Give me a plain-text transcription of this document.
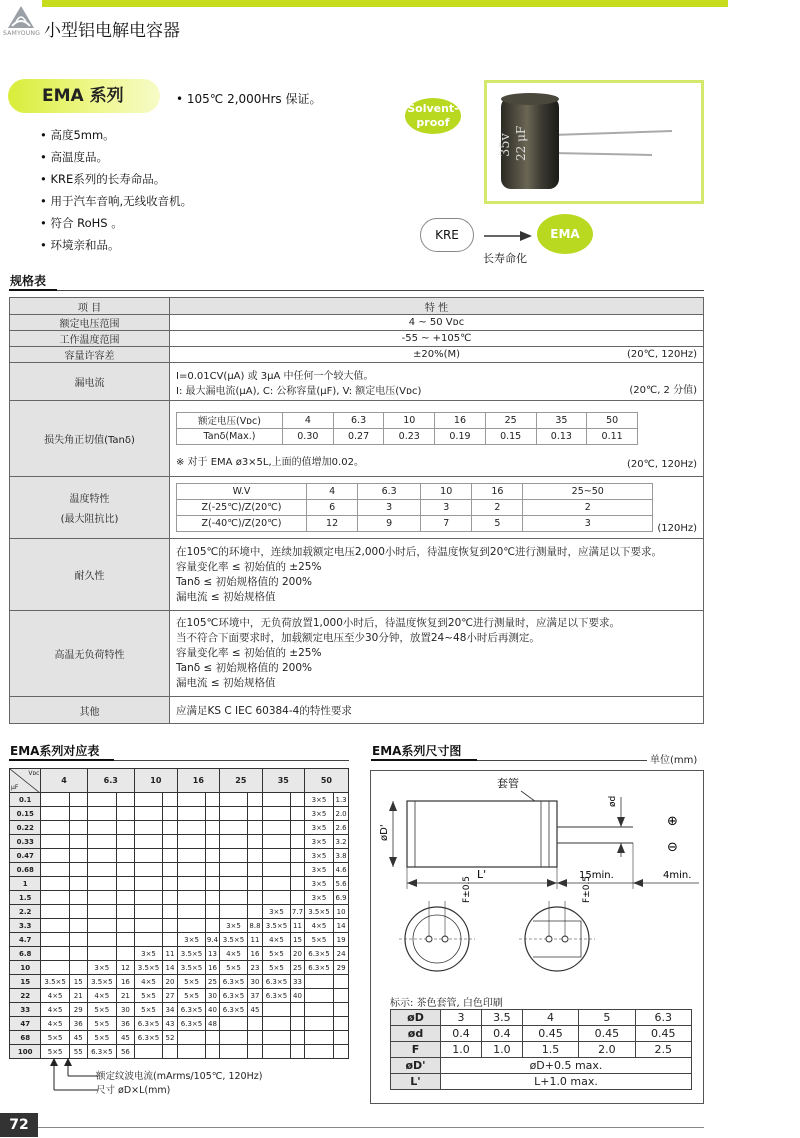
SAMYOUNG 小型铝电解电容器
EMA 系列	• 105℃ 2,000Hrs 保证。
• 高度5mm。
• 高温度品。
• KRE系列的长寿命品。
• 用于汽车音响,无线收音机。
• 符合 RoHS 。
• 环境亲和品。
Solvent-
proof
35v 22 μF
KRE	EMA
长寿命化
规格表
项 目	特 性
额定电压范围	4 ~ 50 Vᴅᴄ
工作温度范围	-55 ~ +105℃
容量许容差	±20%(M)	(20℃, 120Hz)

漏电流	
I=0.01CV(μA) 或 3μA 中任何一个较大值。
I: 最大漏电流(μA), C: 公称容量(μF), V: 额定电压(Vᴅᴄ)	(20℃, 2 分值)

损失角正切值(Tanδ)	
额定电压(Vᴅᴄ)	4	6.3	10	16	25	35	50
Tanδ(Max.)	0.30	0.27	0.23	0.19	0.15	0.13	0.11
※ 对于 EMA ø3×5L,上面的值增加0.02。	(20℃, 120Hz)

温度特性
(最大阻抗比)

W.V	4	6.3	10	16	25~50
Z(-25℃)/Z(20℃)	6	3	3	2	2
Z(-40℃)/Z(20℃)	12	9	7	5	3	(120Hz)

耐久性	
在105℃的环境中，连续加载额定电压2,000小时后，待温度恢复到20℃进行测量时，应满足以下要求。
容量变化率 ≤ 初始值的 ±25%
Tanδ ≤ 初始规格值的 200%
漏电流 ≤ 初始规格值

高温无负荷特性	
在105℃环境中，无负荷放置1,000小时后，待温度恢复到20℃进行测量时，应满足以下要求。
当不符合下面要求时，加载额定电压至少30分钟，放置24~48小时后再测定。
容量变化率 ≤ 初始值的 ±25%
Tanδ ≤ 初始规格值的 200%
漏电流 ≤ 初始规格值

其他	应满足KS C IEC 60384-4的特性要求
EMA系列对应表
Vᴅᴄ
μF	4		6.3		10		16		25		35		50	
0.1													3×5	1.3
0.15													3×5	2.0
0.22													3×5	2.6
0.33													3×5	3.2
0.47													3×5	3.8
0.68													3×5	4.6
1													3×5	5.6
1.5													3×5	6.9
2.2											3×5	7.7	3.5×5	10
3.3									3×5	8.8	3.5×5	11	4×5	14
4.7							3×5	9.4	3.5×5	11	4×5	15	5×5	19
6.8					3×5	11	3.5×5	13	4×5	16	5×5	20	6.3×5	24
10			3×5	12	3.5×5	14	3.5×5	16	5×5	23	5×5	25	6.3×5	29
15	3.5×5	15	3.5×5	16	4×5	20	5×5	25	6.3×5	30	6.3×5	33		
22	4×5	21	4×5	21	5×5	27	5×5	30	6.3×5	37	6.3×5	40		
33	4×5	29	5×5	30	5×5	34	6.3×5	40	6.3×5	45				
47	4×5	36	5×5	36	6.3×5	43	6.3×5	48						
68	5×5	45	5×5	45	6.3×5	52								
100	5×5	55	6.3×5	56										
额定纹波电流(mArms/105℃, 120Hz)
尺寸 øD×L(mm)
EMA系列尺寸图
单位(mm)
套管
ød
⊕
⊖
øD'
L'	15min.	4min.
F±0.5	F±0.5
标示: 茶色套管, 白色印刷
øD	3	3.5	4	5	6.3
ød	0.4	0.4	0.45	0.45	0.45
F	1.0	1.0	1.5	2.0	2.5
øD'	øD+0.5 max.				
L'	L+1.0 max.				
72
